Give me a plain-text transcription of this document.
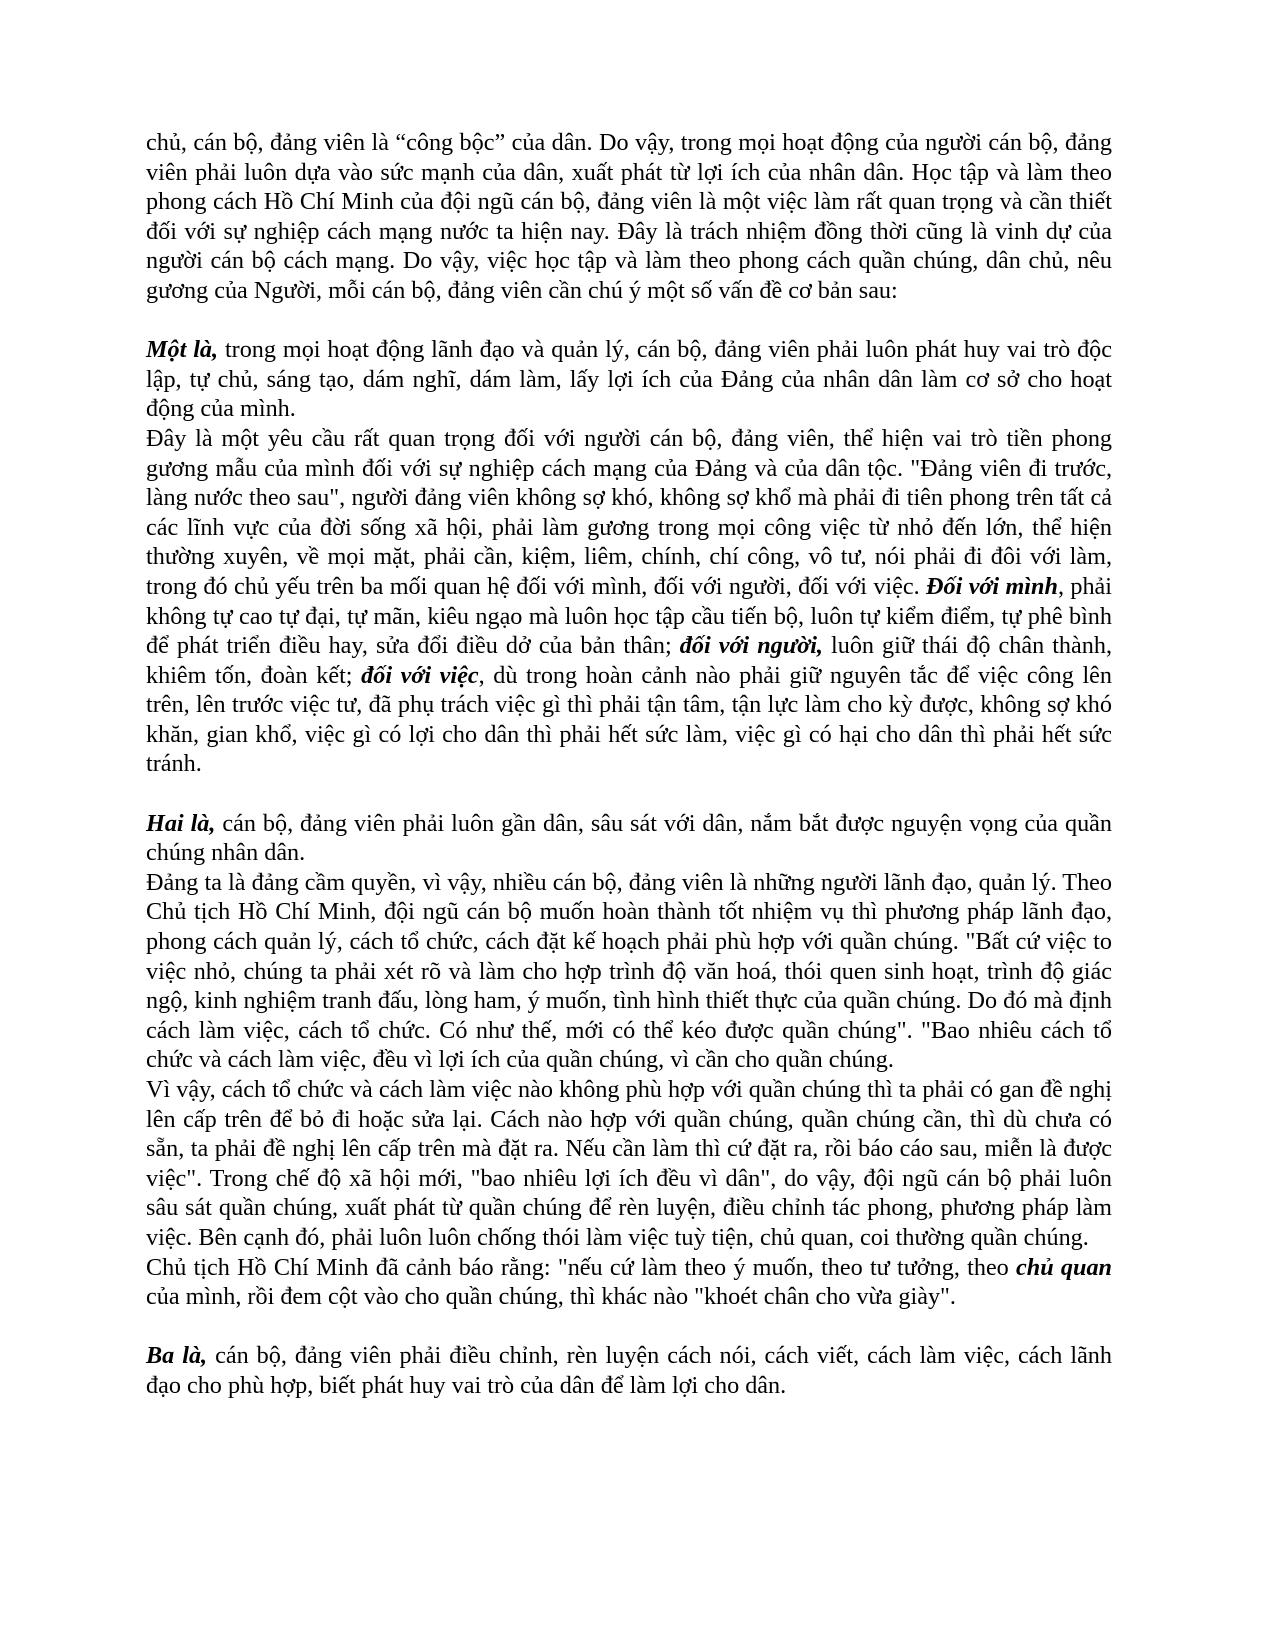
chủ, cán bộ, đảng viên là “công bộc” của dân. Do vậy, trong mọi hoạt động của người cán bộ, đảng viên phải luôn dựa vào sức mạnh của dân, xuất phát từ lợi ích của nhân dân. Học tập và làm theo phong cách Hồ Chí Minh của đội ngũ cán bộ, đảng viên là một việc làm rất quan trọng và cần thiết đối với sự nghiệp cách mạng nước ta hiện nay. Đây là trách nhiệm đồng thời cũng là vinh dự của người cán bộ cách mạng. Do vậy, việc học tập và làm theo phong cách quần chúng, dân chủ, nêu gương của Người, mỗi cán bộ, đảng viên cần chú ý một số vấn đề cơ bản sau:

Một là, trong mọi hoạt động lãnh đạo và quản lý, cán bộ, đảng viên phải luôn phát huy vai trò độc lập, tự chủ, sáng tạo, dám nghĩ, dám làm, lấy lợi ích của Đảng của nhân dân làm cơ sở cho hoạt động của mình.

Đây là một yêu cầu rất quan trọng đối với người cán bộ, đảng viên, thể hiện vai trò tiền phong gương mẫu của mình đối với sự nghiệp cách mạng của Đảng và của dân tộc. "Đảng viên đi trước, làng nước theo sau", người đảng viên không sợ khó, không sợ khổ mà phải đi tiên phong trên tất cả các lĩnh vực của đời sống xã hội, phải làm gương trong mọi công việc từ nhỏ đến lớn, thể hiện thường xuyên, về mọi mặt, phải cần, kiệm, liêm, chính, chí công, vô tư, nói phải đi đôi với làm, trong đó chủ yếu trên ba mối quan hệ đối với mình, đối với người, đối với việc. Đối với mình, phải không tự cao tự đại, tự mãn, kiêu ngạo mà luôn học tập cầu tiến bộ, luôn tự kiểm điểm, tự phê bình để phát triển điều hay, sửa đổi điều dở của bản thân; đối với người, luôn giữ thái độ chân thành, khiêm tốn, đoàn kết; đối với việc, dù trong hoàn cảnh nào phải giữ nguyên tắc để việc công lên trên, lên trước việc tư, đã phụ trách việc gì thì phải tận tâm, tận lực làm cho kỳ được, không sợ khó khăn, gian khổ, việc gì có lợi cho dân thì phải hết sức làm, việc gì có hại cho dân thì phải hết sức tránh.

Hai là, cán bộ, đảng viên phải luôn gần dân, sâu sát với dân, nắm bắt được nguyện vọng của quần chúng nhân dân.

Đảng ta là đảng cầm quyền, vì vậy, nhiều cán bộ, đảng viên là những người lãnh đạo, quản lý. Theo Chủ tịch Hồ Chí Minh, đội ngũ cán bộ muốn hoàn thành tốt nhiệm vụ thì phương pháp lãnh đạo, phong cách quản lý, cách tổ chức, cách đặt kế hoạch phải phù hợp với quần chúng. "Bất cứ việc to việc nhỏ, chúng ta phải xét rõ và làm cho hợp trình độ văn hoá, thói quen sinh hoạt, trình độ giác ngộ, kinh nghiệm tranh đấu, lòng ham, ý muốn, tình hình thiết thực của quần chúng. Do đó mà định cách làm việc, cách tổ chức. Có như thế, mới có thể kéo được quần chúng". "Bao nhiêu cách tổ chức và cách làm việc, đều vì lợi ích của quần chúng, vì cần cho quần chúng.

Vì vậy, cách tổ chức và cách làm việc nào không phù hợp với quần chúng thì ta phải có gan đề nghị lên cấp trên để bỏ đi hoặc sửa lại. Cách nào hợp với quần chúng, quần chúng cần, thì dù chưa có sẵn, ta phải đề nghị lên cấp trên mà đặt ra. Nếu cần làm thì cứ đặt ra, rồi báo cáo sau, miễn là được việc". Trong chế độ xã hội mới, "bao nhiêu lợi ích đều vì dân", do vậy, đội ngũ cán bộ phải luôn sâu sát quần chúng, xuất phát từ quần chúng để rèn luyện, điều chỉnh tác phong, phương pháp làm việc. Bên cạnh đó, phải luôn luôn chống thói làm việc tuỳ tiện, chủ quan, coi thường quần chúng.

Chủ tịch Hồ Chí Minh đã cảnh báo rằng: "nếu cứ làm theo ý muốn, theo tư tưởng, theo chủ quan của mình, rồi đem cột vào cho quần chúng, thì khác nào "khoét chân cho vừa giày".

Ba là, cán bộ, đảng viên phải điều chỉnh, rèn luyện cách nói, cách viết, cách làm việc, cách lãnh đạo cho phù hợp, biết phát huy vai trò của dân để làm lợi cho dân.
